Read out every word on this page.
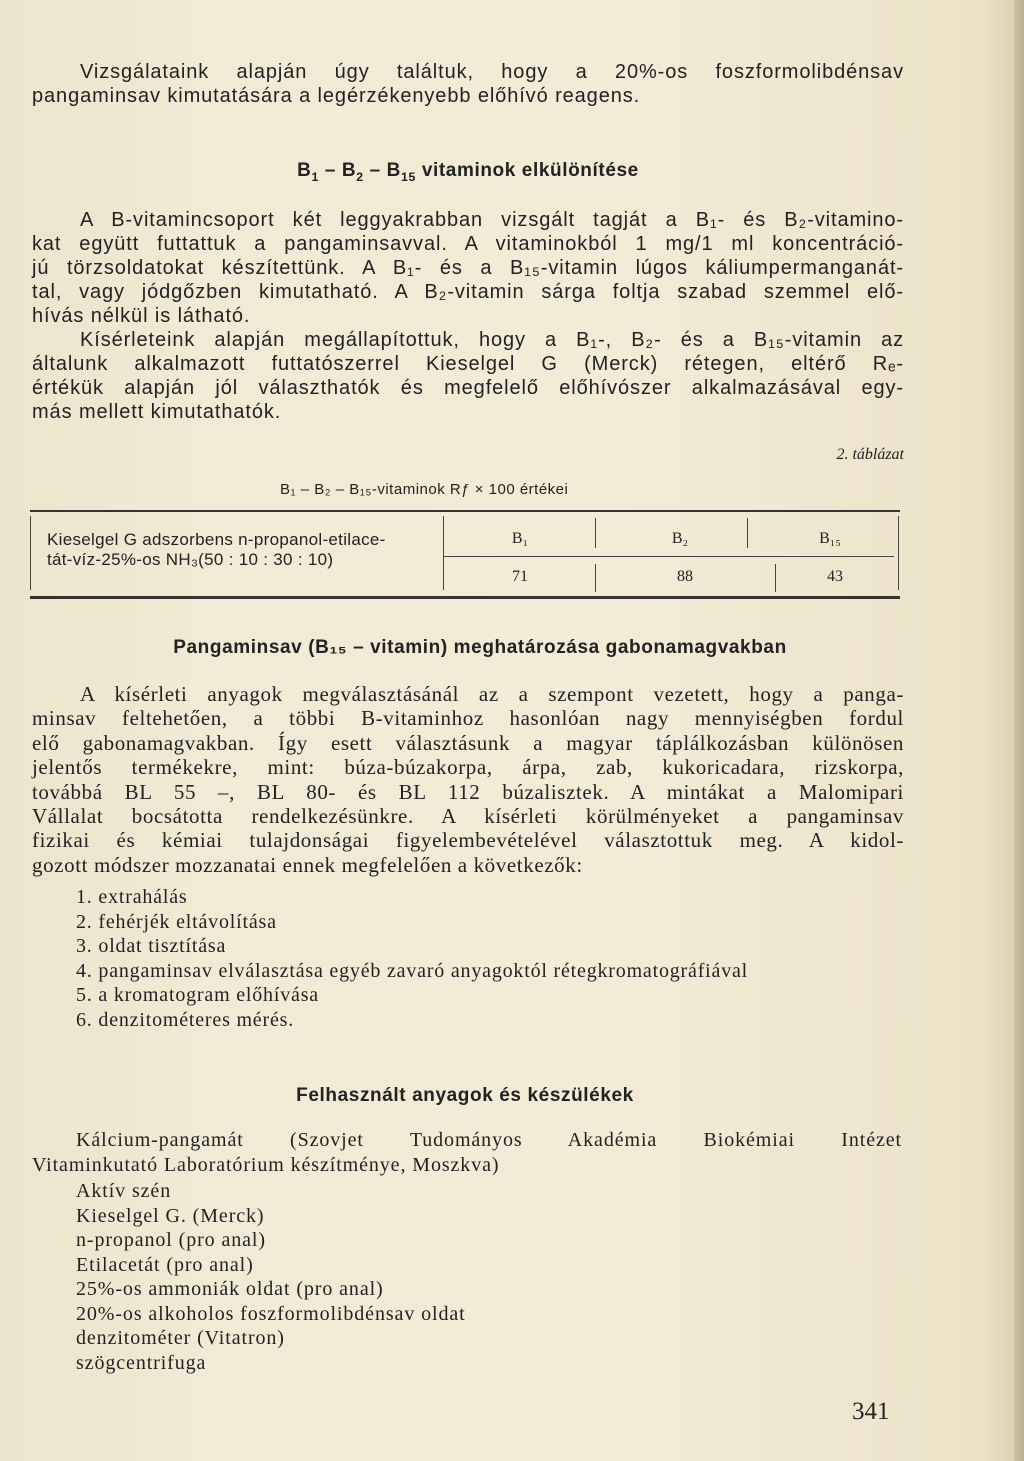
Vizsgálataink alapján úgy találtuk, hogy a 20%-os foszformolibdénsav
pangaminsav kimutatására a legérzékenyebb előhívó reagens.
$B_1 - B_2 - B_{15}$ vitaminok elkülönítése
A B-vitamincsoport két leggyakrabban vizsgált tagját a B₁- és B₂-vitamino-
kat együtt futtattuk a pangaminsavval. A vitaminokból 1 mg/1 ml koncentráció-
jú törzsoldatokat készítettünk. A B₁- és a B₁₅-vitamin lúgos káliumpermanganát-
tal, vagy jódgőzben kimutatható. A B₂-vitamin sárga foltja szabad szemmel elő-
hívás nélkül is látható.
Kísérleteink alapján megállapítottuk, hogy a B₁-, B₂- és a B₁₅-vitamin az
általunk alkalmazott futtatószerrel Kieselgel G (Merck) rétegen, eltérő Rₑ-
értékük alapján jól választhatók és megfelelő előhívószer alkalmazásával egy-
más mellett kimutathatók.
2. táblázat
B₁ – B₂ – B₁₅-vitaminok Rƒ × 100 értékei
Kieselgel G adszorbens n-propanol-etilace-
tát-víz-25%-os NH₃(50 : 10 : 30 : 10)
B₁	B₂	B₁₅
71	88	43
Pangaminsav (B₁₅ – vitamin) meghatározása gabonamagvakban
A kísérleti anyagok megválasztásánál az a szempont vezetett, hogy a panga-
minsav feltehetően, a többi B-vitaminhoz hasonlóan nagy mennyiségben fordul
elő gabonamagvakban. Így esett választásunk a magyar táplálkozásban különösen
jelentős termékekre, mint: búza-búzakorpa, árpa, zab, kukoricadara, rizskorpa,
továbbá BL 55 –, BL 80- és BL 112 búzalisztek. A mintákat a Malomipari
Vállalat bocsátotta rendelkezésünkre. A kísérleti körülményeket a pangaminsav
fizikai és kémiai tulajdonságai figyelembevételével választottuk meg. A kidol-
gozott módszer mozzanatai ennek megfelelően a következők:
1. extrahálás
2. fehérjék eltávolítása
3. oldat tisztítása
4. pangaminsav elválasztása egyéb zavaró anyagoktól rétegkromatográfiával
5. a kromatogram előhívása
6. denzitométeres mérés.
Felhasznált anyagok és készülékek
Kálcium-pangamát (Szovjet Tudományos Akadémia Biokémiai Intézet
Vitaminkutató Laboratórium készítménye, Moszkva)
Aktív szén
Kieselgel G. (Merck)
n-propanol (pro anal)
Etilacetát (pro anal)
25%-os ammoniák oldat (pro anal)
20%-os alkoholos foszformolibdénsav oldat
denzitométer (Vitatron)
szögcentrifuga
341
